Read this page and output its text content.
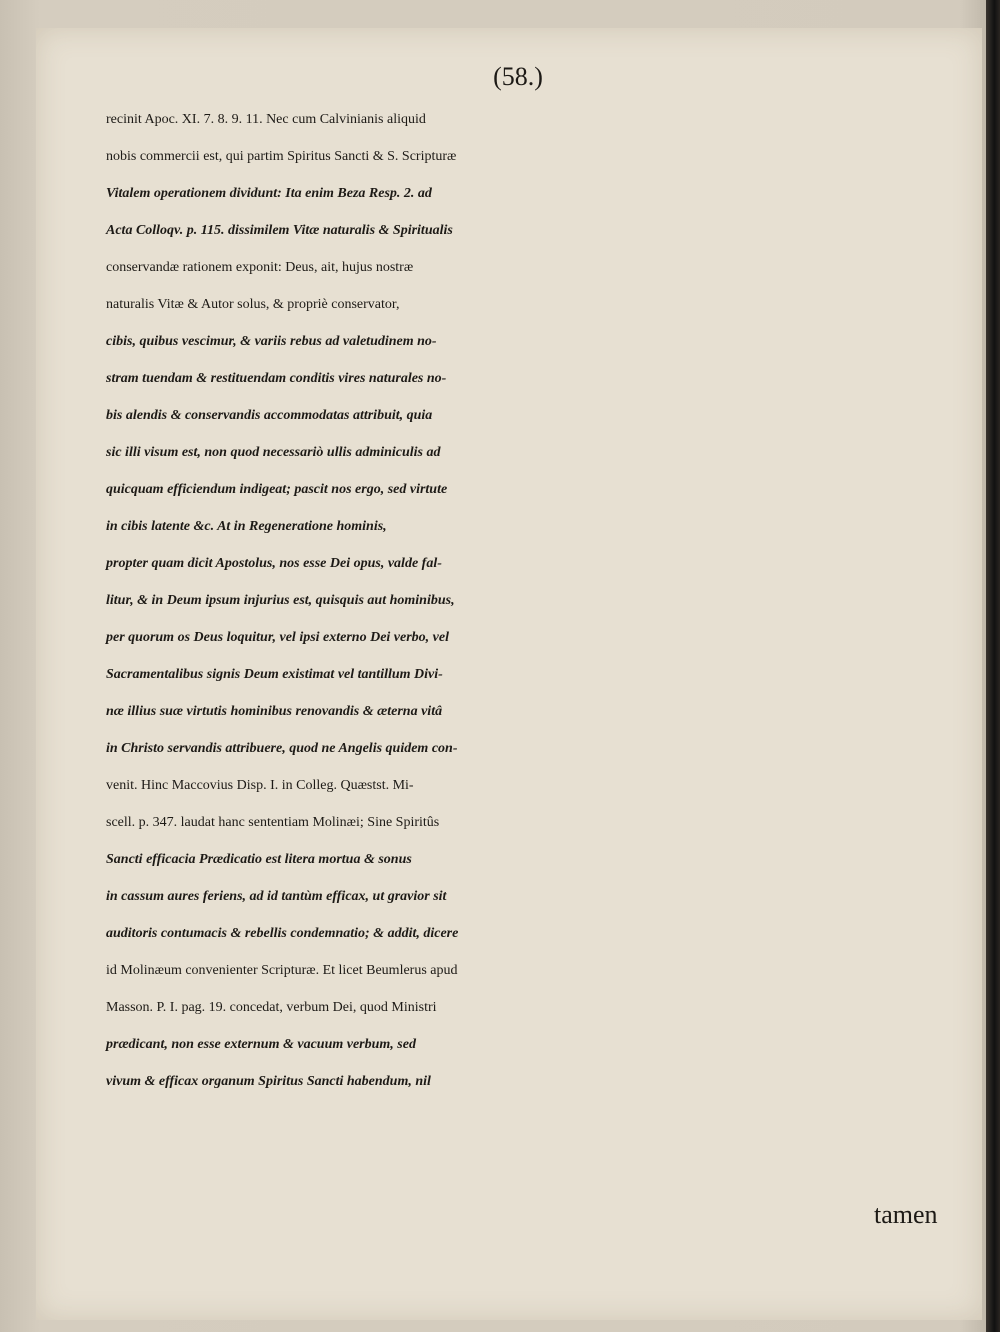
(58.)
recinit Apoc. XI. 7. 8. 9. 11. Nec cum Calvinianis aliquid
nobis commercii est, qui partim Spiritus Sancti & S. Scripturæ
Vitalem operationem dividunt: Ita enim Beza Resp. 2. ad
Acta Colloqv. p. 115. dissimilem Vitæ naturalis & Spiritualis
conservandæ rationem exponit: Deus, ait, hujus nostræ
naturalis Vitæ & Autor solus, & propriè conservator,
cibis, quibus vescimur, & variis rebus ad valetudinem no-
stram tuendam & restituendam conditis vires naturales no-
bis alendis & conservandis accommodatas attribuit, quia
sic illi visum est, non quod necessariò ullis adminiculis ad
quicquam efficiendum indigeat; pascit nos ergo, sed virtute
in cibis latente &c. At in Regeneratione hominis,
propter quam dicit Apostolus, nos esse Dei opus, valde fal-
litur, & in Deum ipsum injurius est, quisquis aut hominibus,
per quorum os Deus loquitur, vel ipsi externo Dei verbo, vel
Sacramentalibus signis Deum existimat vel tantillum Divi-
næ illius suæ virtutis hominibus renovandis & æterna vitâ
in Christo servandis attribuere, quod ne Angelis quidem con-
venit. Hinc Maccovius Disp. I. in Colleg. Quæstst. Mi-
scell. p. 347. laudat hanc sententiam Molinæi; Sine Spiritûs
Sancti efficacia Prædicatio est litera mortua & sonus
in cassum aures feriens, ad id tantùm efficax, ut gravior sit
auditoris contumacis & rebellis condemnatio; & addit, dicere
id Molinæum convenienter Scripturæ. Et licet Beumlerus apud
Masson. P. I. pag. 19. concedat, verbum Dei, quod Ministri
prædicant, non esse externum & vacuum verbum, sed
vivum & efficax organum Spiritus Sancti habendum, nil
tamen
